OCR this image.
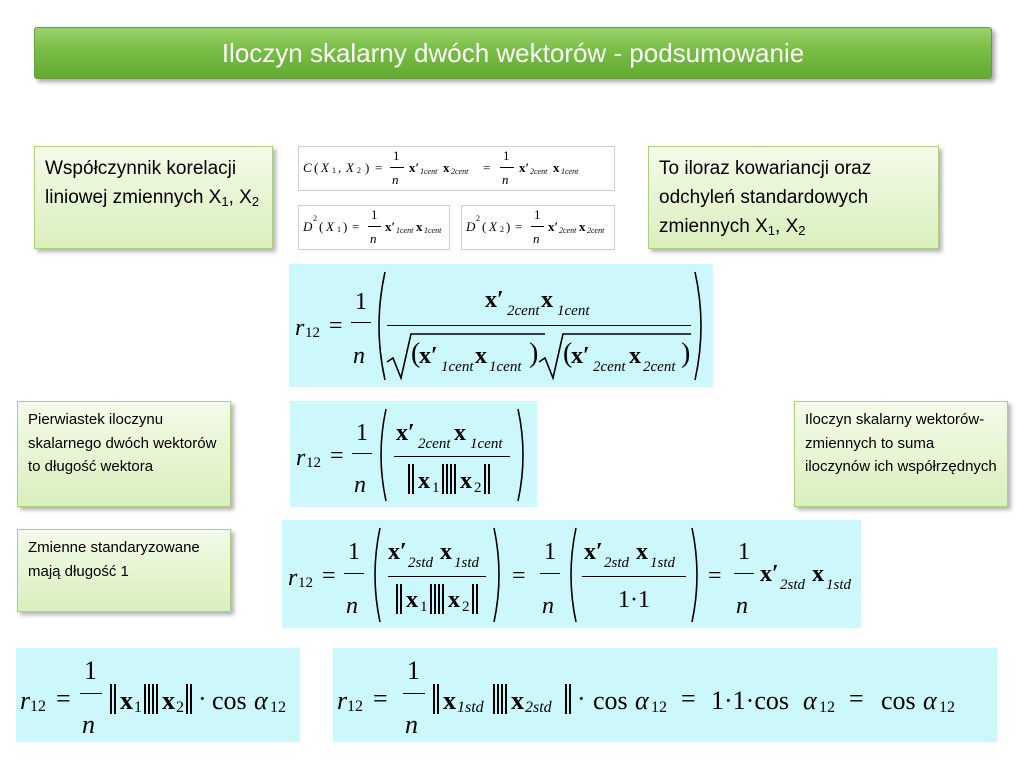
Iloczyn skalarny dwóch wektorów - podsumowanie
Współczynnik korelacji liniowej zmiennych $X_1$, $X_2$
To iloraz kowariancji oraz odchyleń standardowych zmiennych $X_1$, $X_2$
Pierwiastek iloczynu skalarnego dwóch wektorów to długość wektora
Iloczyn skalarny wektorów-zmiennych to suma iloczynów ich współrzędnych
Zmienne standaryzowane mają długość 1
C ( X 1 , X 2 ) =
1
n
x′ 1cent x 2cent =
1
n
x′ 2cent x 1cent
D
2
( X 1 ) =
1
n
x′ 1cent x 1cent D
2
( X 2 ) =
1
n
x′ 2cent x 2cent
r 12 =
1
n
x′ 2cent x 1cent
(
x′ 1cent x 1cent ) (
x′ 2cent x 2cent )
r 12 =
1
n
x′ 2cent x 1cent
x 1 x 2
r 12 =
1
n
x′ 2std x 1std
x 1 x 2
=
1
n
x′ 2std x 1std
1·1
=
1
n
x′ 2std x 1std
r 12 =
1
n
x 1 x 2 · cos α 12 r 12 =
1
n
x 1std x 2std · cos α 12 = 1·1·cos α 12 = cos α 12
